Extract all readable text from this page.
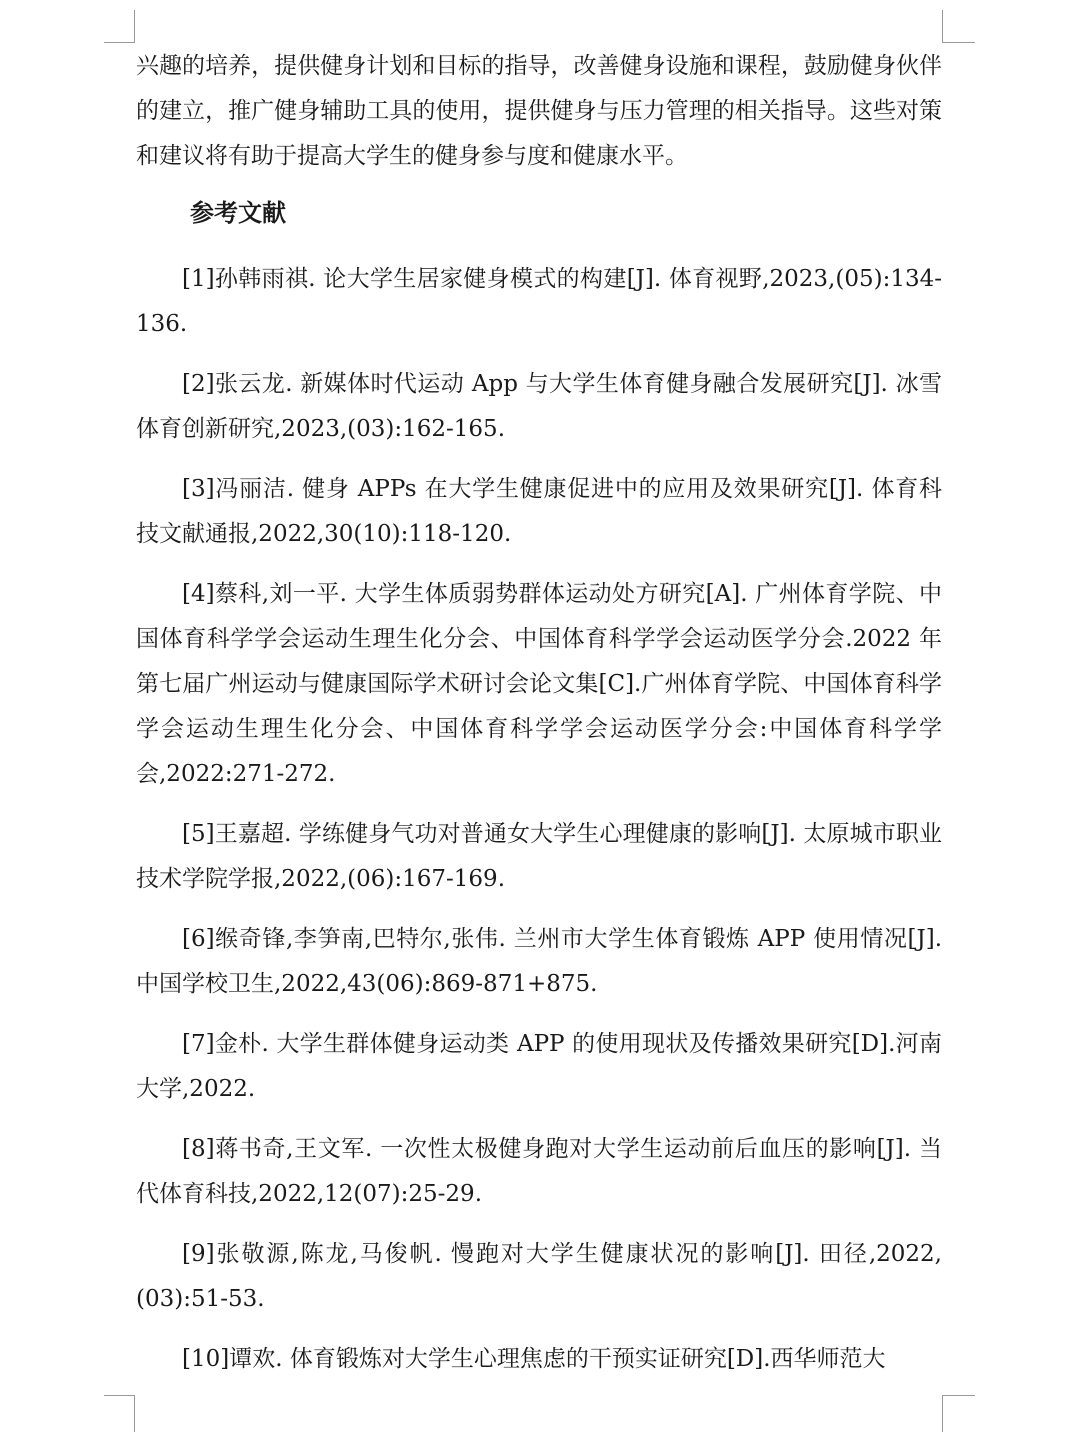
兴趣的培养，提供健身计划和目标的指导，改善健身设施和课程，鼓励健身伙伴的建立，推广健身辅助工具的使用，提供健身与压力管理的相关指导。这些对策和建议将有助于提高大学生的健身参与度和健康水平。

参考文献

[1]孙韩雨祺. 论大学生居家健身模式的构建[J]. 体育视野,2023,(05):134-136.

[2]张云龙. 新媒体时代运动 App 与大学生体育健身融合发展研究[J]. 冰雪体育创新研究,2023,(03):162-165.

[3]冯丽洁. 健身 APPs 在大学生健康促进中的应用及效果研究[J]. 体育科技文献通报,2022,30(10):118-120.

[4]蔡科,刘一平. 大学生体质弱势群体运动处方研究[A]. 广州体育学院、中国体育科学学会运动生理生化分会、中国体育科学学会运动医学分会.2022 年第七届广州运动与健康国际学术研讨会论文集[C].广州体育学院、中国体育科学学会运动生理生化分会、中国体育科学学会运动医学分会:中国体育科学学会,2022:271-272.

[5]王嘉超. 学练健身气功对普通女大学生心理健康的影响[J]. 太原城市职业技术学院学报,2022,(06):167-169.

[6]缑奇锋,李笋南,巴特尔,张伟. 兰州市大学生体育锻炼 APP 使用情况[J]. 中国学校卫生,2022,43(06):869-871+875.

[7]金朴. 大学生群体健身运动类 APP 的使用现状及传播效果研究[D].河南大学,2022.

[8]蒋书奇,王文军. 一次性太极健身跑对大学生运动前后血压的影响[J]. 当代体育科技,2022,12(07):25-29.

[9]张敬源,陈龙,马俊帆. 慢跑对大学生健康状况的影响[J]. 田径,2022,(03):51-53.

[10]谭欢. 体育锻炼对大学生心理焦虑的干预实证研究[D].西华师范大
